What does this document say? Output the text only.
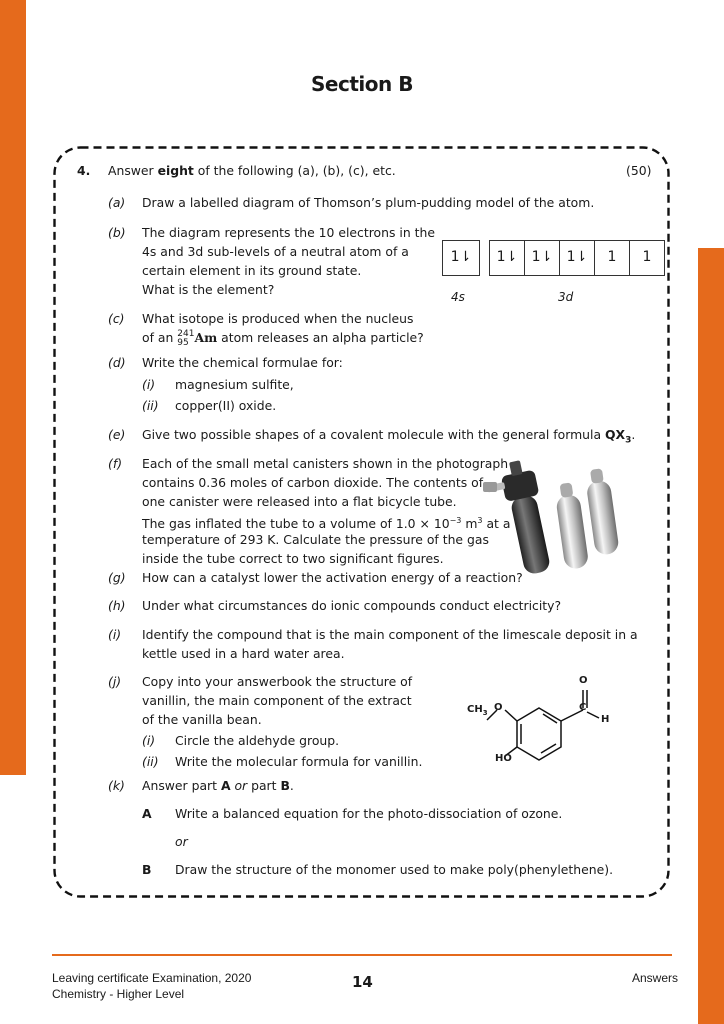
Section B
4. Answer eight of the following (a), (b), (c), etc.	(50)
(a) Draw a labelled diagram of Thomson’s plum-pudding model of the atom.
(b) The diagram represents the 10 electrons in the
4s and 3d sub-levels of a neutral atom of a
certain element in its ground state.
What is the element?
1⇂	1⇂	1⇂	1⇂	1	1
4s	3d
(c) What isotope is produced when the nucleus
of an 241
95 Am atom releases an alpha particle?
(d) Write the chemical formulae for:
(i) magnesium sulfite,
(ii) copper(II) oxide.
(e) Give two possible shapes of a covalent molecule with the general formula $QX_3$.
(f) Each of the small metal canisters shown in the photograph
contains 0.36 moles of carbon dioxide. The contents of
one canister were released into a flat bicycle tube.
The gas inflated the tube to a volume of $1.0 \times 10^{-3}$ $m^3$ at a
temperature of 293 K. Calculate the pressure of the gas
inside the tube correct to two significant figures.
(g) How can a catalyst lower the activation energy of a reaction?
(h) Under what circumstances do ionic compounds conduct electricity?
(i) Identify the compound that is the main component of the limescale deposit in a
kettle used in a hard water area.
(j) Copy into your answerbook the structure of
vanillin, the main component of the extract
of the vanilla bean.
(i) Circle the aldehyde group.
(ii) Write the molecular formula for vanillin.
O
C
H
$CH_3$ O
HO
(k) Answer part A or part B.
A Write a balanced equation for the photo-dissociation of ozone.
or
B Draw the structure of the monomer used to make poly(phenylethene).
Leaving certificate Examination, 2020
Chemistry - Higher Level
14	Answers
